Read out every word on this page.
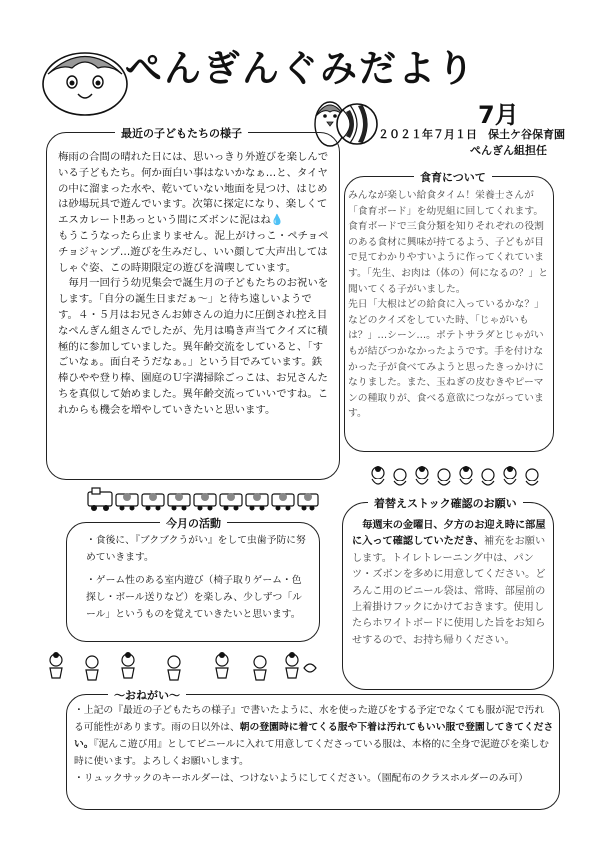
ぺんぎんぐみだより
7月
２０２１年７月１日　保土ケ谷保育園
ぺんぎん組担任
最近の子どもたちの様子

梅雨の合間の晴れた日には、思いっきり外遊びを楽しんでいる子どもたち。何か面白い事はないかなぁ…と、タイヤの中に溜まった水や、乾いていない地面を見つけ、はじめは砂場玩具で遊んでいます。次第に探定になり、楽しくてエスカレート‼あっという間にズボンに泥はね💧

もうこうなったら止まりません。泥上がけっこ・ペチョペチョジャンプ…遊びを生みだし、いい顔して大声出してはしゃぐ姿、この時期限定の遊びを満喫しています。

毎月一回行う幼児集会で誕生月の子どもたちのお祝いをします。「自分の誕生日まだぁ～」と待ち遠しいようです。４・５月はお兄さんお姉さんの迫力に圧倒され控え目なぺんぎん組さんでしたが、先月は鳴き声当てクイズに積極的に参加していました。異年齢交流をしていると、「すごいなぁ。面白そうだなぁ。」という目でみています。鉄棒ひやや登り棒、園庭のＵ字溝掃除ごっこは、お兄さんたちを真似して始めました。異年齢交流っていいですね。これからも機会を増やしていきたいと思います。

食育について

みんなが楽しい給食タイム！栄養士さんが「食育ボード」を幼児組に回してくれます。食育ボードで三食分類を知りそれぞれの役割のある食材に興味が持てるよう、子どもが目で見てわかりやすいように作ってくれています。「先生、お肉は（体の）何になるの？」と聞いてくる子がいました。

先日「大根はどの給食に入っているかな？」などのクイズをしていた時、「じゃがいもは？」…シーン…。ポテトサラダとじゃがいもが結びつかなかったようです。手を付けなかった子が食べてみようと思ったきっかけになりました。また、玉ねぎの皮むきやピーマンの種取りが、食べる意欲につながっています。

今月の活動

・食後に、『ブクブクうがい』をして虫歯予防に努めていきます。

・ゲーム性のある室内遊び（椅子取りゲーム・色探し・ボール送りなど）を楽しみ、少しずつ「ルール」というものを覚えていきたいと思います。

着替えストック確認のお願い

毎週末の金曜日、夕方のお迎え時に部屋に入って確認していただき、補充をお願いします。トイレトレーニング中は、パンツ・ズボンを多めに用意してください。どろんこ用のビニール袋は、常時、部屋前の上着掛けフックにかけておきます。使用したらホワイトボードに使用した旨をお知らせするので、お持ち帰りください。

～おねがい～

・上記の『最近の子どもたちの様子』で書いたように、水を使った遊びをする予定でなくても服が泥で汚れる可能性があります。雨の日以外は、朝の登園時に着てくる服や下着は汚れてもいい服で登園してきてください。『泥んこ遊び用』としてビニールに入れて用意してくださっている服は、本格的に全身で泥遊びを楽しむ時に使います。よろしくお願いします。

・リュックサックのキーホルダーは、つけないようにしてください。（園配布のクラスホルダーのみ可）
